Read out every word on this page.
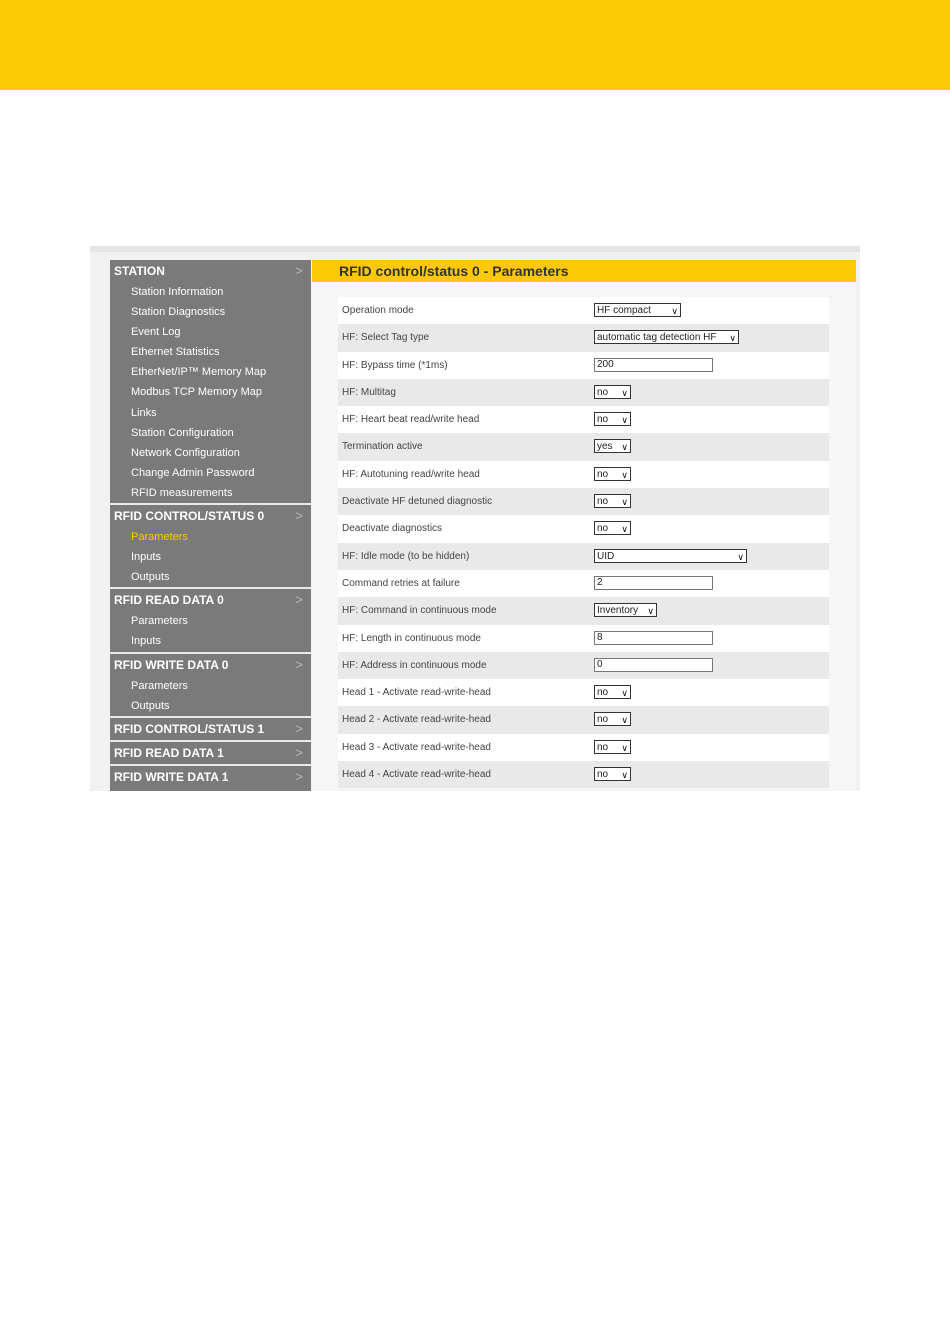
STATION	>
Station Information
Station Diagnostics
Event Log
Ethernet Statistics
EtherNet/IP™ Memory Map
Modbus TCP Memory Map
Links
Station Configuration
Network Configuration
Change Admin Password
RFID measurements
RFID CONTROL/STATUS 0 >
Parameters
Inputs
Outputs
RFID READ DATA 0	>
Parameters
Inputs
RFID WRITE DATA 0	>
Parameters
Outputs
RFID CONTROL/STATUS 1 >
RFID READ DATA 1	>
RFID WRITE DATA 1	>
RFID control/status 0 - Parameters
Operation mode	HF compact ∨
HF: Select Tag type	automatic tag detection HF ∨
HF: Bypass time (*1ms)	200
HF: Multitag	no ∨
HF: Heart beat read/write head	no ∨
Termination active	yes ∨
HF: Autotuning read/write head	no ∨
Deactivate HF detuned diagnostic	no ∨
Deactivate diagnostics	no ∨
HF: Idle mode (to be hidden)	UID	∨
Command retries at failure	2
HF: Command in continuous mode	Inventory ∨
HF: Length in continuous mode	8
HF: Address in continuous mode	0
Head 1 - Activate read-write-head	no ∨
Head 2 - Activate read-write-head	no ∨
Head 3 - Activate read-write-head	no ∨
Head 4 - Activate read-write-head	no ∨
